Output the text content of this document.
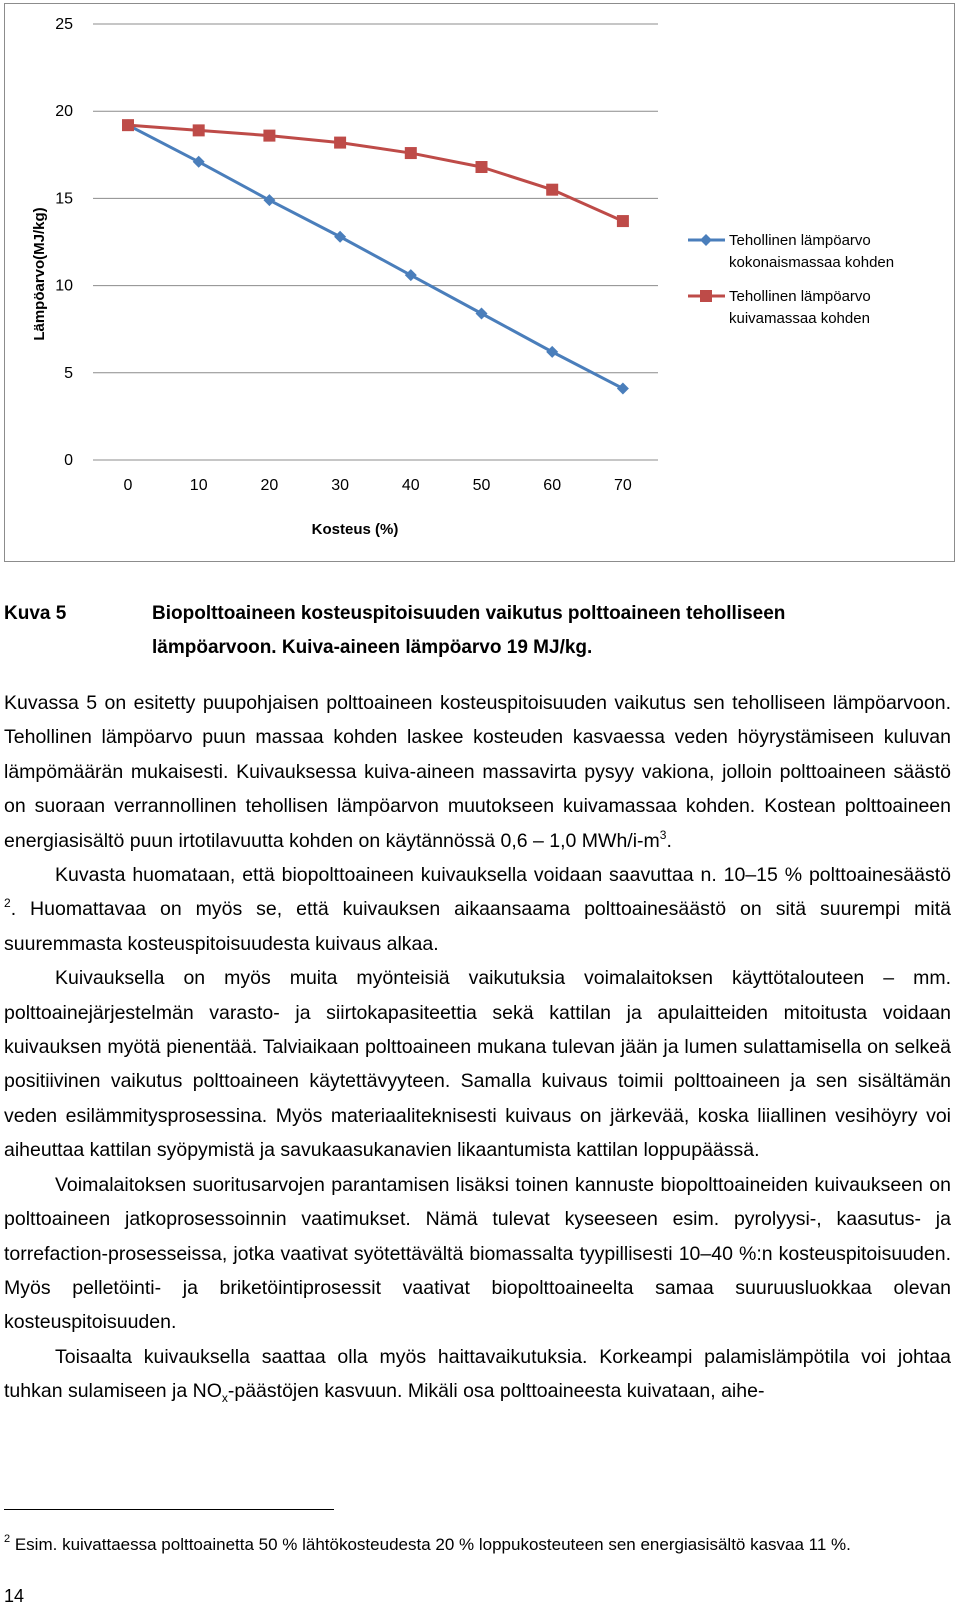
0
5
10
15
20
25
0	10	20	30	40	50	60	70
Lämpöarvo(MJ/kg)
Kosteus (%)
Tehollinen lämpöarvo
kokonaismassaa kohden
Tehollinen lämpöarvo
kuivamassaa kohden
Kuva 5	Biopolttoaineen kosteuspitoisuuden vaikutus polttoaineen teholliseen
lämpöarvoon. Kuiva-aineen lämpöarvo 19 MJ/kg.

Kuvassa 5 on esitetty puupohjaisen polttoaineen kosteuspitoisuuden vaikutus sen teholliseen lämpöarvoon. Tehollinen lämpöarvo puun massaa kohden laskee kosteuden kasvaessa veden höyrystämiseen kuluvan lämpömäärän mukaisesti. Kuivauksessa kuiva-aineen massavirta pysyy vakiona, jolloin polttoaineen säästö on suoraan verrannollinen tehollisen lämpöarvon muutokseen kuivamassaa kohden. Kostean polttoaineen energiasisältö puun irtotilavuutta kohden on käytännössä 0,6 – 1,0 MWh/i-m$^3$.

Kuvasta huomataan, että biopolttoaineen kuivauksella voidaan saavuttaa n. 10–15 % polttoainesäästö $^2$. Huomattavaa on myös se, että kuivauksen aikaansaama polttoainesäästö on sitä suurempi mitä suuremmasta kosteuspitoisuudesta kuivaus alkaa.

Kuivauksella on myös muita myönteisiä vaikutuksia voimalaitoksen käyttötalouteen – mm. polttoainejärjestelmän varasto- ja siirtokapasiteettia sekä kattilan ja apulaitteiden mitoitusta voidaan kuivauksen myötä pienentää. Talviaikaan polttoaineen mukana tulevan jään ja lumen sulattamisella on selkeä positiivinen vaikutus polttoaineen käytettävyyteen. Samalla kuivaus toimii polttoaineen ja sen sisältämän veden esilämmitysprosessina. Myös materiaaliteknisesti kuivaus on järkevää, koska liiallinen vesihöyry voi aiheuttaa kattilan syöpymistä ja savukaasukanavien likaantumista kattilan loppupäässä.

Voimalaitoksen suoritusarvojen parantamisen lisäksi toinen kannuste biopolttoaineiden kuivaukseen on polttoaineen jatkoprosessoinnin vaatimukset. Nämä tulevat kyseeseen esim. pyrolyysi-, kaasutus- ja torrefaction-prosesseissa, jotka vaativat syötettävältä biomassalta tyypillisesti 10–40 %:n kosteuspitoisuuden. Myös pelletöinti- ja briketöintiprosessit vaativat biopolttoaineelta samaa suuruusluokkaa olevan kosteuspitoisuuden.

Toisaalta kuivauksella saattaa olla myös haittavaikutuksia. Korkeampi palamislämpötila voi johtaa tuhkan sulamiseen ja $NO_x$-päästöjen kasvuun. Mikäli osa polttoaineesta kuivataan, aihe-

$^2$ Esim. kuivattaessa polttoainetta 50 % lähtökosteudesta 20 % loppukosteuteen sen energiasisältö kasvaa 11 %.
14
